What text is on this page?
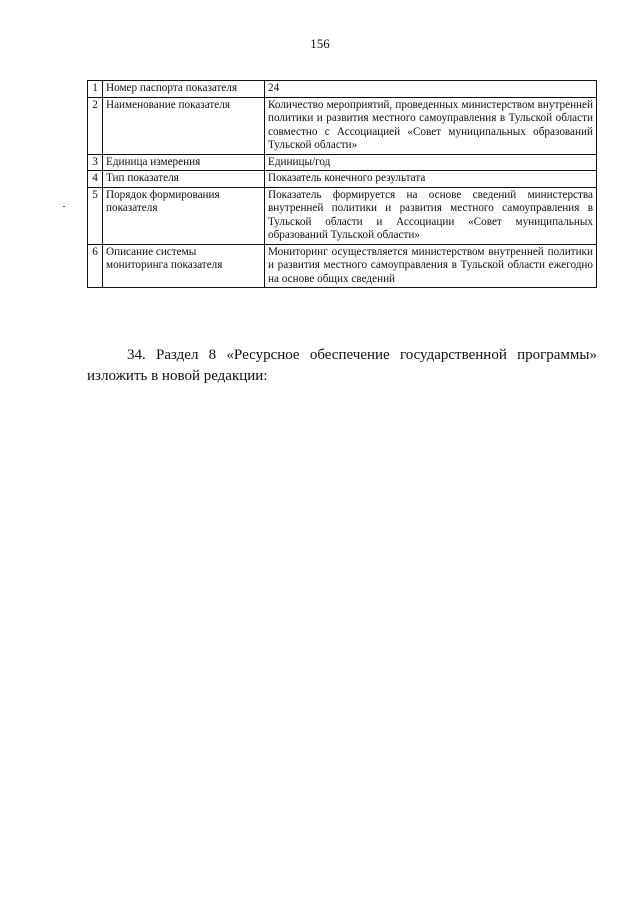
156
1	Номер паспорта показателя	24
2	Наименование показателя	Количество мероприятий, проведенных министерством внутренней политики и развития местного самоуправления в Тульской области совместно с Ассоциацией «Совет муниципальных образований Тульской области»
3	Единица измерения	Единицы/год
4	Тип показателя	Показатель конечного результата
5	Порядок формирования показателя	Показатель формируется на основе сведений министерства внутренней политики и развития местного самоуправления в Тульской области и Ассоциации «Совет муниципальных образований Тульской области»
6	Описание системы мониторинга показателя	Мониторинг осуществляется министерством внутренней политики и развития местного самоуправления в Тульской области ежегодно на основе общих сведений

34. Раздел 8 «Ресурсное обеспечение государственной программы» изложить в новой редакции:
